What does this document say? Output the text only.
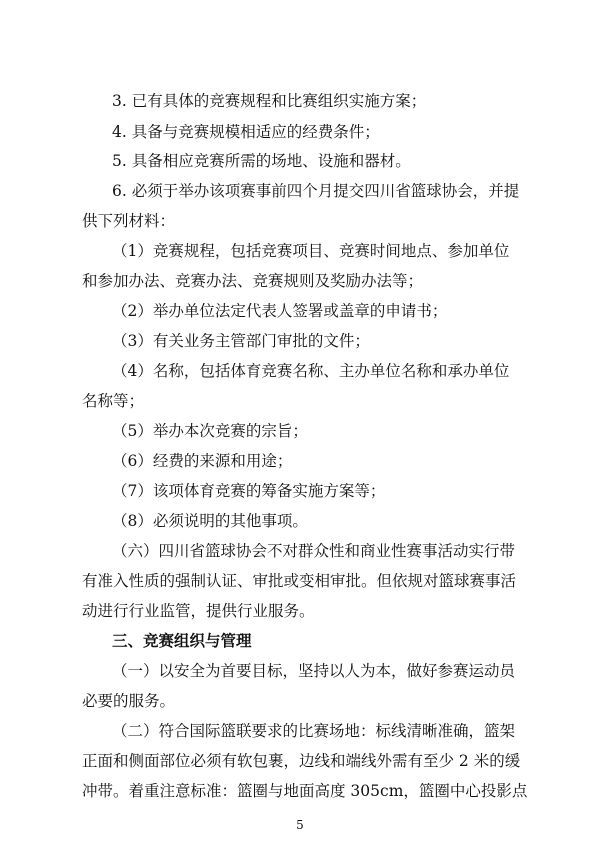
3. 已有具体的竞赛规程和比赛组织实施方案；
4. 具备与竞赛规模相适应的经费条件；
5. 具备相应竞赛所需的场地、设施和器材。
6. 必须于举办该项赛事前四个月提交四川省篮球协会，并提
供下列材料：
（1）竞赛规程，包括竞赛项目、竞赛时间地点、参加单位
和参加办法、竞赛办法、竞赛规则及奖励办法等；
（2）举办单位法定代表人签署或盖章的申请书；
（3）有关业务主管部门审批的文件；
（4）名称，包括体育竞赛名称、主办单位名称和承办单位
名称等；
（5）举办本次竞赛的宗旨；
（6）经费的来源和用途；
（7）该项体育竞赛的筹备实施方案等；
（8）必须说明的其他事项。
（六）四川省篮球协会不对群众性和商业性赛事活动实行带
有准入性质的强制认证、审批或变相审批。但依规对篮球赛事活
动进行行业监管，提供行业服务。
三、竞赛组织与管理
（一）以安全为首要目标，坚持以人为本，做好参赛运动员
必要的服务。
（二）符合国际篮联要求的比赛场地：标线清晰准确，篮架
正面和侧面部位必须有软包裹，边线和端线外需有至少 2 米的缓
冲带。着重注意标准：篮圈与地面高度 305cm，篮圈中心投影点
5
